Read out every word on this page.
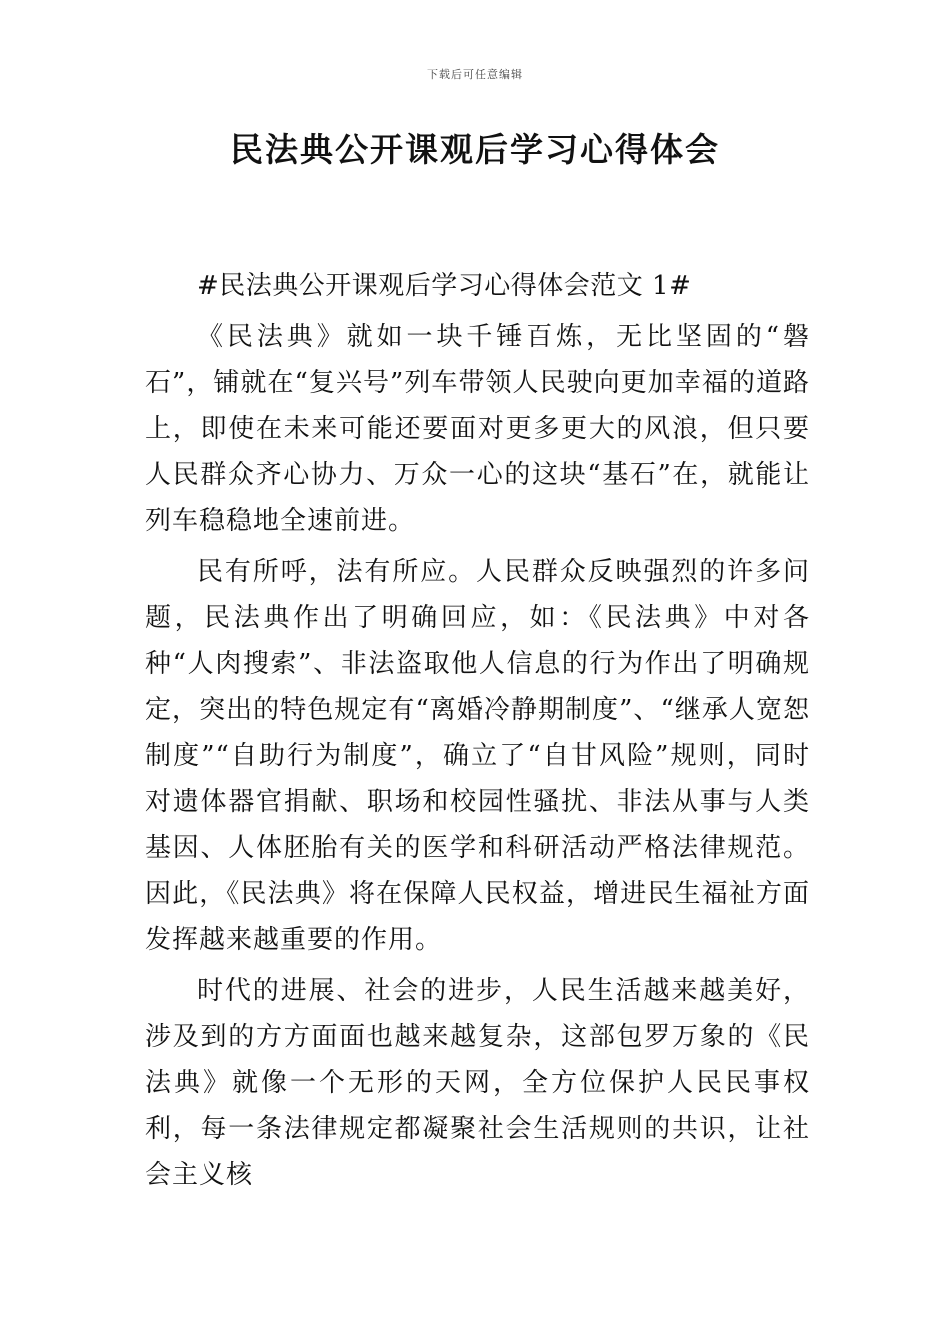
下载后可任意编辑
民法典公开课观后学习心得体会

#民法典公开课观后学习心得体会范文 1#

《民法典》就如一块千锤百炼，无比坚固的“磐石”，铺就在“复兴号”列车带领人民驶向更加幸福的道路上，即使在未来可能还要面对更多更大的风浪，但只要人民群众齐心协力、万众一心的这块“基石”在，就能让列车稳稳地全速前进。

民有所呼，法有所应。人民群众反映强烈的许多问题，民法典作出了明确回应，如：《民法典》中对各种“人肉搜索”、非法盗取他人信息的行为作出了明确规定，突出的特色规定有“离婚冷静期制度”、“继承人宽恕制度”“自助行为制度”，确立了“自甘风险”规则，同时对遗体器官捐献、职场和校园性骚扰、非法从事与人类基因、人体胚胎有关的医学和科研活动严格法律规范。因此，《民法典》将在保障人民权益，增进民生福祉方面发挥越来越重要的作用。

时代的进展、社会的进步，人民生活越来越美好，涉及到的方方面面也越来越复杂，这部包罗万象的《民法典》就像一个无形的天网，全方位保护人民民事权利，每一条法律规定都凝聚社会生活规则的共识，让社会主义核
